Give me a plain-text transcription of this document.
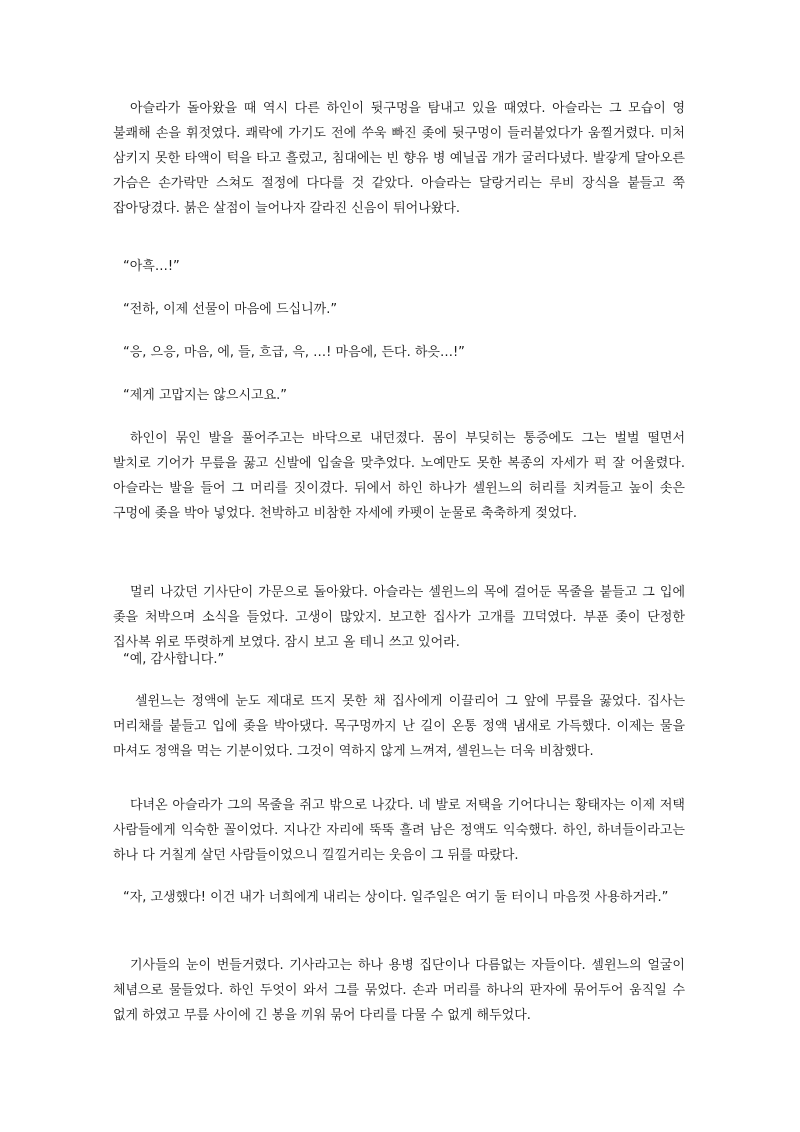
아슬라가 돌아왔을 때 역시 다른 하인이 뒷구멍을 탐내고 있을 때였다. 아슬라는 그 모습이 영 불쾌해 손을 휘젓였다. 쾌락에 가기도 전에 쑤욱 빠진 좆에 뒷구멍이 들러붙었다가 움찔거렸다. 미처 삼키지 못한 타액이 턱을 타고 흘렀고, 침대에는 빈 향유 병 예닐곱 개가 굴러다녔다. 발갛게 달아오른 가슴은 손가락만 스쳐도 절정에 다다를 것 같았다. 아슬라는 달랑거리는 루비 장식을 붙들고 쭉 잡아당겼다. 붉은 살점이 늘어나자 갈라진 신음이 튀어나왔다.

“아흑…!”

“전하, 이제 선물이 마음에 드십니까.”

“응, 으응, 마음, 에, 들, 흐급, 윽, …! 마음에, 든다. 하읏…!”

“제게 고맙지는 않으시고요.”

하인이 묶인 발을 풀어주고는 바닥으로 내던졌다. 몸이 부딪히는 통증에도 그는 벌벌 떨면서 발치로 기어가 무릎을 꿇고 신발에 입술을 맞추었다. 노예만도 못한 복종의 자세가 퍽 잘 어울렸다. 아슬라는 발을 들어 그 머리를 짓이겼다. 뒤에서 하인 하나가 셀윈느의 허리를 치켜들고 높이 솟은 구멍에 좆을 박아 넣었다. 천박하고 비참한 자세에 카펫이 눈물로 축축하게 젖었다.

멀리 나갔던 기사단이 가문으로 돌아왔다. 아슬라는 셀윈느의 목에 걸어둔 목줄을 붙들고 그 입에 좆을 처박으며 소식을 들었다. 고생이 많았지. 보고한 집사가 고개를 끄덕였다. 부푼 좆이 단정한 집사복 위로 뚜렷하게 보였다. 잠시 보고 올 테니 쓰고 있어라.

“예, 감사합니다.”

셀윈느는 정액에 눈도 제대로 뜨지 못한 채 집사에게 이끌리어 그 앞에 무릎을 꿇었다. 집사는 머리채를 붙들고 입에 좆을 박아댔다. 목구멍까지 난 길이 온통 정액 냄새로 가득했다. 이제는 물을 마셔도 정액을 먹는 기분이었다. 그것이 역하지 않게 느껴져, 셀윈느는 더욱 비참했다.

다녀온 아슬라가 그의 목줄을 쥐고 밖으로 나갔다. 네 발로 저택을 기어다니는 황태자는 이제 저택 사람들에게 익숙한 꼴이었다. 지나간 자리에 뚝뚝 흘려 남은 정액도 익숙했다. 하인, 하녀들이라고는 하나 다 거칠게 살던 사람들이었으니 낄낄거리는 웃음이 그 뒤를 따랐다.

“자, 고생했다! 이건 내가 너희에게 내리는 상이다. 일주일은 여기 둘 터이니 마음껏 사용하거라.”

기사들의 눈이 번들거렸다. 기사라고는 하나 용병 집단이나 다름없는 자들이다. 셀윈느의 얼굴이 체념으로 물들었다. 하인 두엇이 와서 그를 묶었다. 손과 머리를 하나의 판자에 묶어두어 움직일 수 없게 하였고 무릎 사이에 긴 봉을 끼워 묶어 다리를 다물 수 없게 해두었다.
